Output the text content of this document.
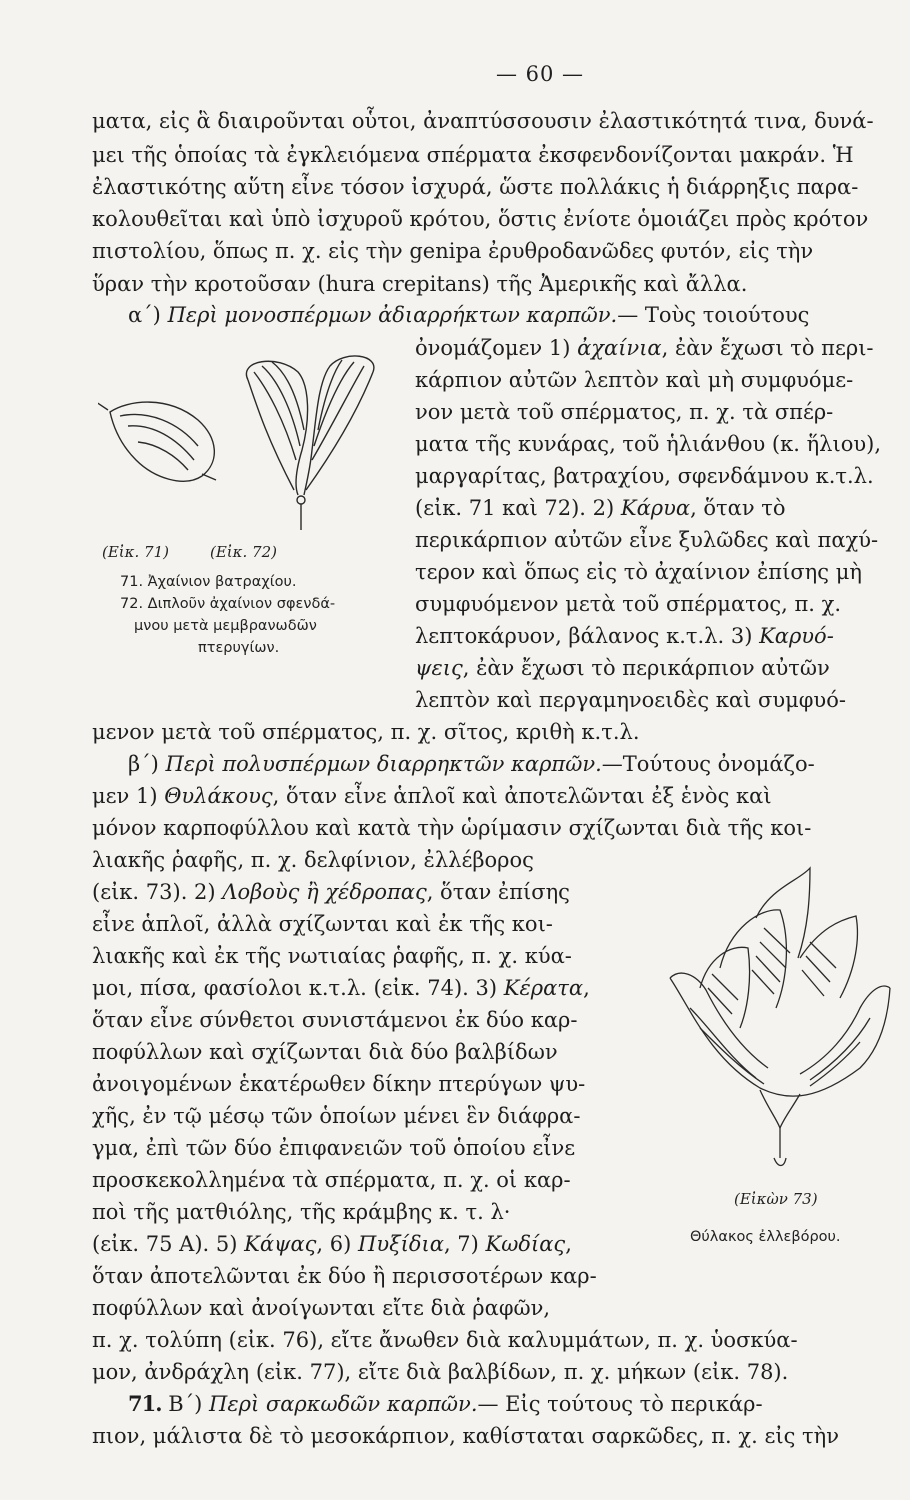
— 60 —
ματα, εἰς ἃ διαιροῦνται οὗτοι, ἀναπτύσσουσιν ἐλαστικότητά τινα, δυνά-
μει τῆς ὁποίας τὰ ἐγκλειόμενα σπέρματα ἐκσφενδονίζονται μακράν. Ἡ
ἐλαστικότης αὕτη εἶνε τόσον ἰσχυρά, ὥστε πολλάκις ἡ διάρρηξις παρα-
κολουθεῖται καὶ ὑπὸ ἰσχυροῦ κρότου, ὅστις ἐνίοτε ὁμοιάζει πρὸς κρότον
πιστολίου, ὅπως π. χ. εἰς τὴν genipa ἐρυθροδανῶδες φυτόν, εἰς τὴν
ὕραν τὴν κροτοῦσαν (hura crepitans) τῆς Ἀμερικῆς καὶ ἄλλα.
α΄) Περὶ μονοσπέρμων ἀδιαρρήκτων καρπῶν.— Τοὺς τοιούτους
ὀνομάζομεν 1) ἀχαίνια, ἐὰν ἔχωσι τὸ περι-
κάρπιον αὐτῶν λεπτὸν καὶ μὴ συμφυόμε-
νον μετὰ τοῦ σπέρματος, π. χ. τὰ σπέρ-
ματα τῆς κυνάρας, τοῦ ἡλιάνθου (κ. ἥλιου),
μαργαρίτας, βατραχίου, σφενδάμνου κ.τ.λ.
(εἰκ. 71 καὶ 72). 2) Κάρυα, ὅταν τὸ
περικάρπιον αὐτῶν εἶνε ξυλῶδες καὶ παχύ-
τερον καὶ ὅπως εἰς τὸ ἀχαίνιον ἐπίσης μὴ
συμφυόμενον μετὰ τοῦ σπέρματος, π. χ.
λεπτοκάρυον, βάλανος κ.τ.λ. 3) Καρυό-
ψεις, ἐὰν ἔχωσι τὸ περικάρπιον αὐτῶν
λεπτὸν καὶ περγαμηνοειδὲς καὶ συμφυό-
(Εἰκ. 71)	(Εἰκ. 72)
71. Ἀχαίνιον βατραχίου.
72. Διπλοῦν ἀχαίνιον σφενδά-
μνου μετὰ μεμβρανωδῶν
πτερυγίων.
μενον μετὰ τοῦ σπέρματος, π. χ. σῖτος, κριθὴ κ.τ.λ.
β΄) Περὶ πολυσπέρμων διαρρηκτῶν καρπῶν.—Τούτους ὀνομάζο-
μεν 1) Θυλάκους, ὅταν εἶνε ἁπλοῖ καὶ ἀποτελῶνται ἐξ ἑνὸς καὶ
μόνον καρποφύλλου καὶ κατὰ τὴν ὡρίμασιν σχίζωνται διὰ τῆς κοι-
λιακῆς ῥαφῆς, π. χ. δελφίνιον, ἐλλέβορος
(εἰκ. 73). 2) Λοβοὺς ἢ χέδροπας, ὅταν ἐπίσης
εἶνε ἁπλοῖ, ἀλλὰ σχίζωνται καὶ ἐκ τῆς κοι-
λιακῆς καὶ ἐκ τῆς νωτιαίας ῥαφῆς, π. χ. κύα-
μοι, πίσα, φασίολοι κ.τ.λ. (εἰκ. 74). 3) Κέρατα,
ὅταν εἶνε σύνθετοι συνιστάμενοι ἐκ δύο καρ-
ποφύλλων καὶ σχίζωνται διὰ δύο βαλβίδων
ἀνοιγομένων ἑκατέρωθεν δίκην πτερύγων ψυ-
χῆς, ἐν τῷ μέσῳ τῶν ὁποίων μένει ἓν διάφρα-
γμα, ἐπὶ τῶν δύο ἐπιφανειῶν τοῦ ὁποίου εἶνε
προσκεκολλημένα τὰ σπέρματα, π. χ. οἱ καρ-
ποὶ τῆς ματθιόλης, τῆς κράμβης κ. τ. λ·
(εἰκ. 75 Α). 5) Κάψας, 6) Πυξίδια, 7) Κωδίας,
ὅταν ἀποτελῶνται ἐκ δύο ἢ περισσοτέρων καρ-
ποφύλλων καὶ ἀνοίγωνται εἴτε διὰ ῥαφῶν,
(Εἰκὼν 73)
Θύλακος ἐλλεβόρου.
π. χ. τολύπη (εἰκ. 76), εἴτε ἄνωθεν διὰ καλυμμάτων, π. χ. ὑοσκύα-
μον, ἀνδράχλη (εἰκ. 77), εἴτε διὰ βαλβίδων, π. χ. μήκων (εἰκ. 78).
71. Β΄) Περὶ σαρκωδῶν καρπῶν.— Εἰς τούτους τὸ περικάρ-
πιον, μάλιστα δὲ τὸ μεσοκάρπιον, καθίσταται σαρκῶδες, π. χ. εἰς τὴν
